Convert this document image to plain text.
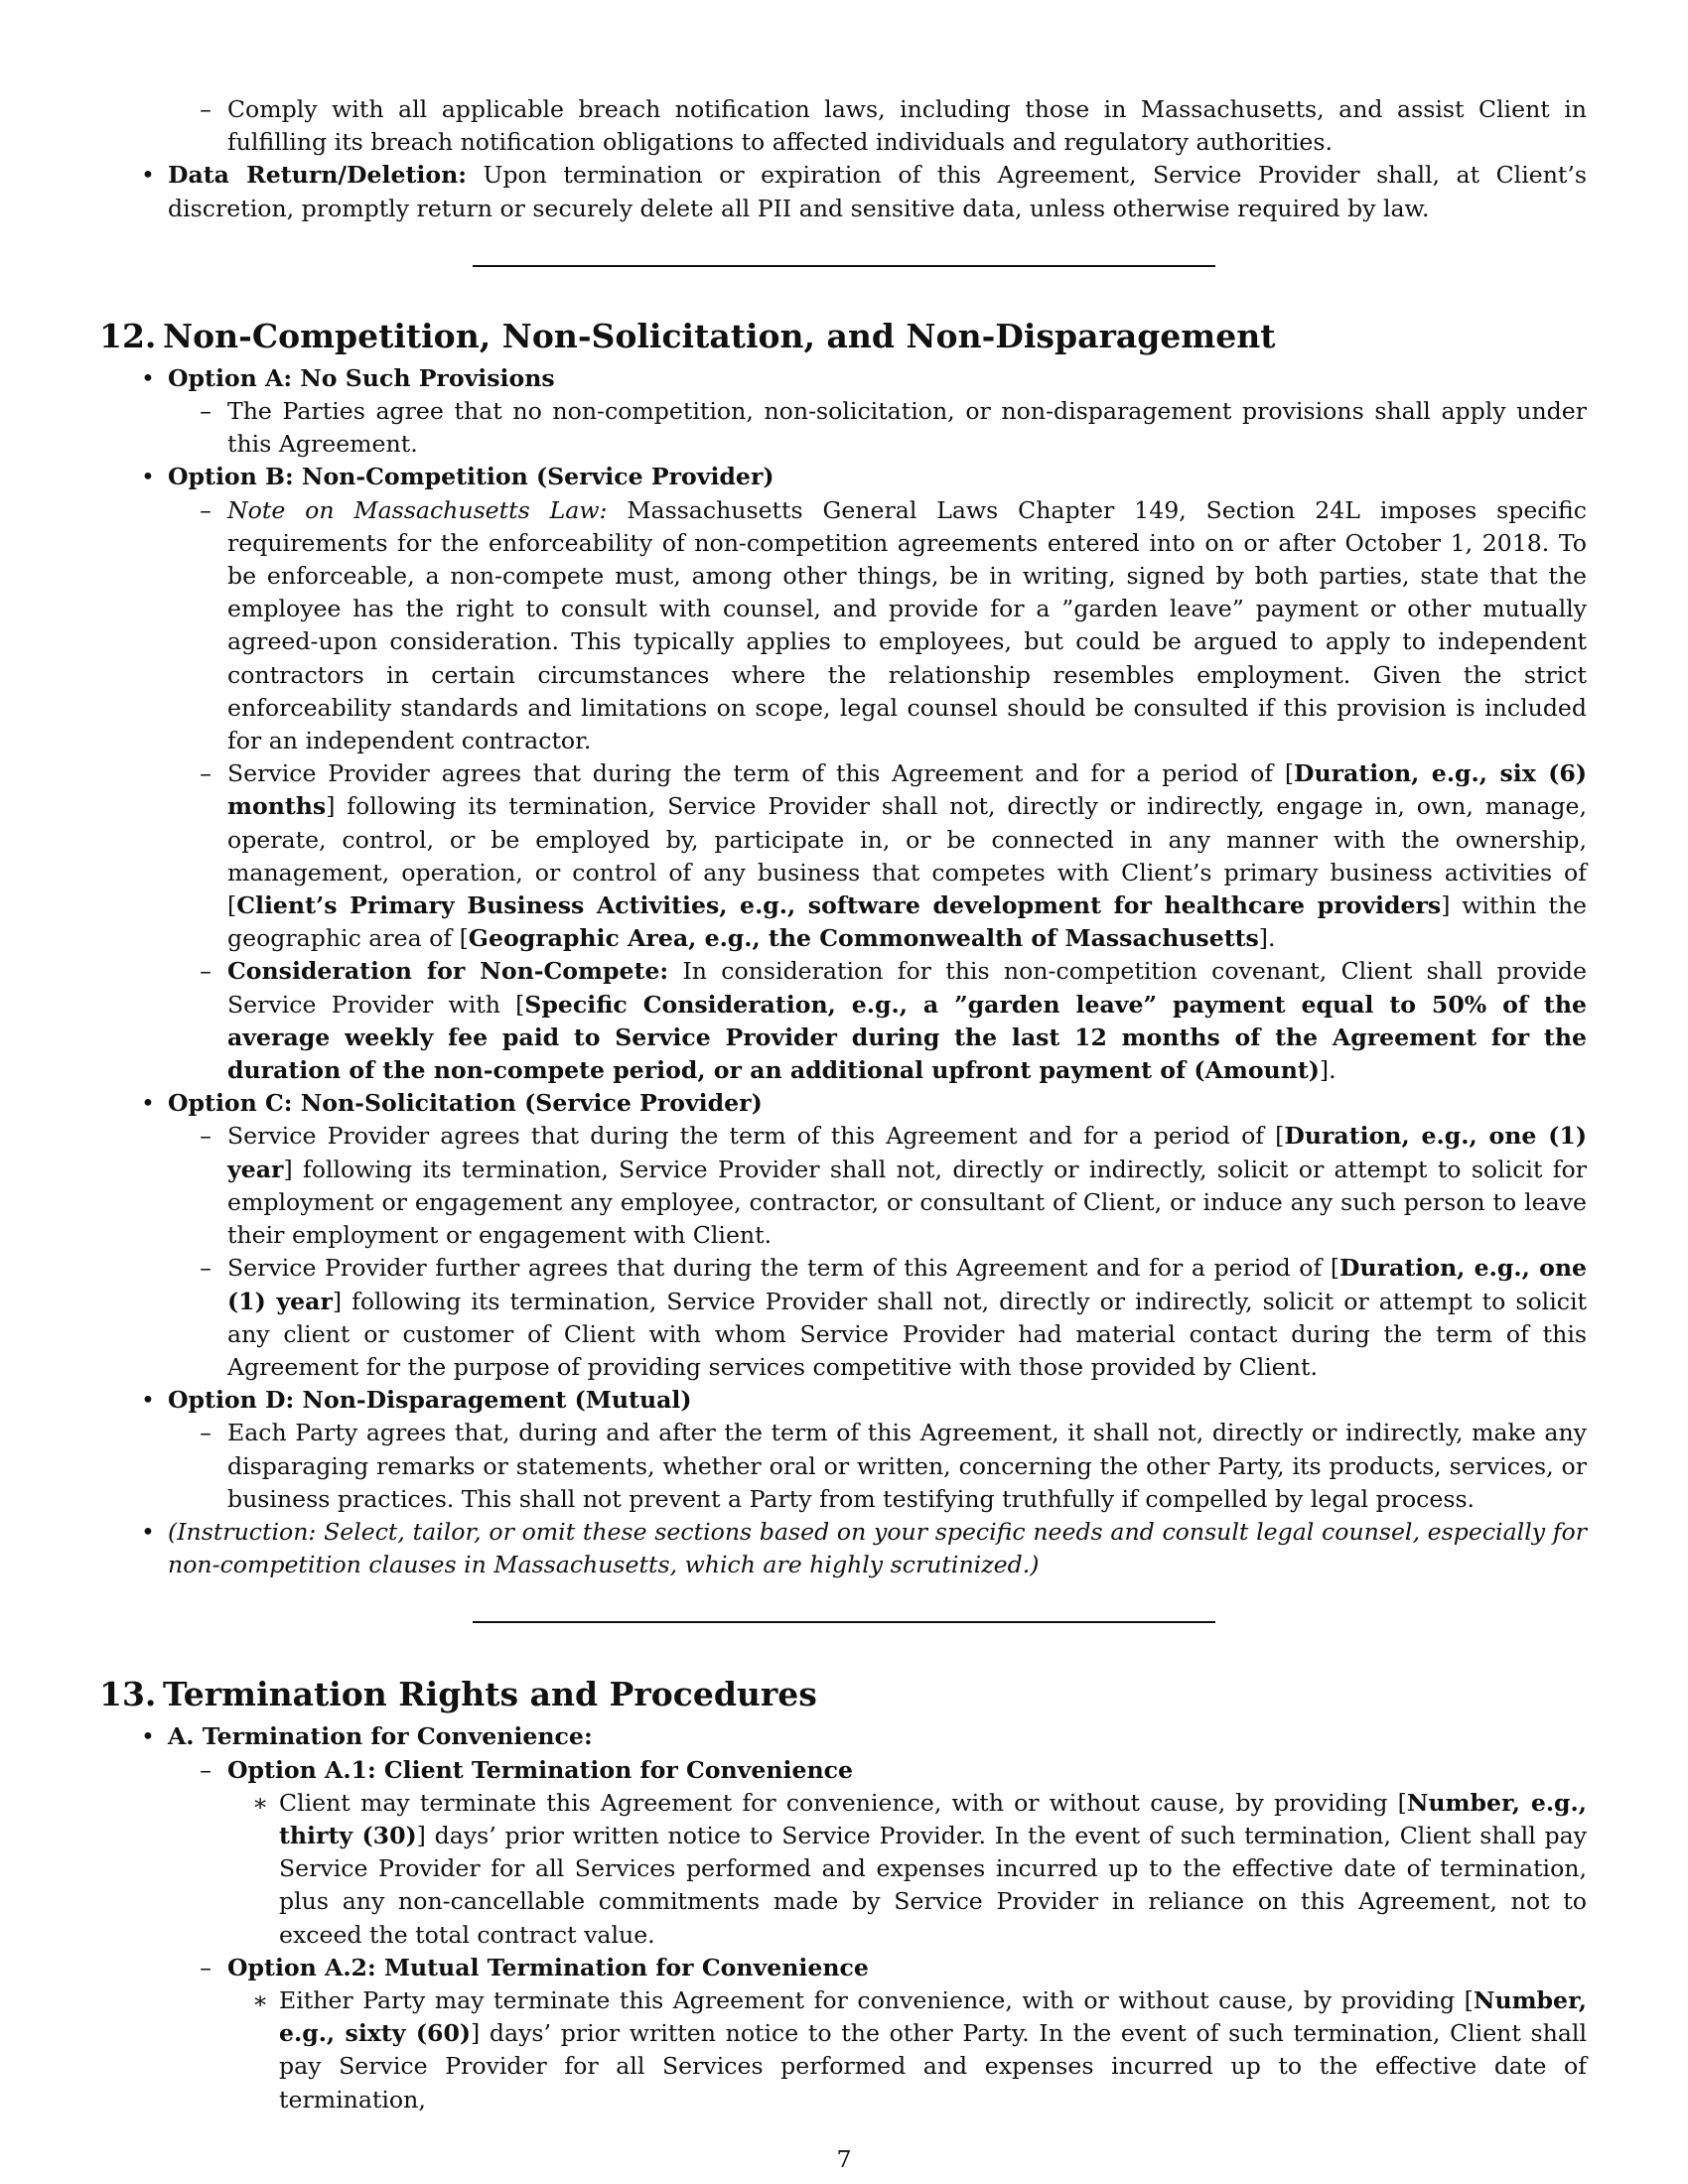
– Comply with all applicable breach notification laws, including those in Massachusetts, and assist Client in fulfilling its breach notification obligations to affected individuals and regulatory authorities.
• Data Return/Deletion: Upon termination or expiration of this Agreement, Service Provider shall, at Client’s discretion, promptly return or securely delete all PII and sensitive data, unless otherwise required by law.
12. Non-Competition, Non-Solicitation, and Non-Disparagement
• Option A: No Such Provisions
– The Parties agree that no non-competition, non-solicitation, or non-disparagement provisions shall apply under this Agreement.
• Option B: Non-Competition (Service Provider)
– Note on Massachusetts Law: Massachusetts General Laws Chapter 149, Section 24L imposes specific requirements for the enforceability of non-competition agreements entered into on or after October 1, 2018. To be enforceable, a non-compete must, among other things, be in writing, signed by both parties, state that the employee has the right to consult with counsel, and provide for a ”garden leave” payment or other mutually agreed-upon consideration. This typically applies to employees, but could be argued to apply to independent contractors in certain circumstances where the relationship resembles employment. Given the strict enforceability standards and limitations on scope, legal counsel should be consulted if this provision is included for an independent contractor.
– Service Provider agrees that during the term of this Agreement and for a period of [Duration, e.g., six (6) months] following its termination, Service Provider shall not, directly or indirectly, engage in, own, manage, operate, control, or be employed by, participate in, or be connected in any manner with the ownership, management, operation, or control of any business that competes with Client’s primary business activities of [Client’s Primary Business Activities, e.g., software development for healthcare providers] within the geographic area of [Geographic Area, e.g., the Commonwealth of Massachusetts].
– Consideration for Non-Compete: In consideration for this non-competition covenant, Client shall provide Service Provider with [Specific Consideration, e.g., a ”garden leave” payment equal to 50% of the average weekly fee paid to Service Provider during the last 12 months of the Agreement for the duration of the non-compete period, or an additional upfront payment of (Amount)].
• Option C: Non-Solicitation (Service Provider)
– Service Provider agrees that during the term of this Agreement and for a period of [Duration, e.g., one (1) year] following its termination, Service Provider shall not, directly or indirectly, solicit or attempt to solicit for employment or engagement any employee, contractor, or consultant of Client, or induce any such person to leave their employment or engagement with Client.
– Service Provider further agrees that during the term of this Agreement and for a period of [Duration, e.g., one (1) year] following its termination, Service Provider shall not, directly or indirectly, solicit or attempt to solicit any client or customer of Client with whom Service Provider had material contact during the term of this Agreement for the purpose of providing services competitive with those provided by Client.
• Option D: Non-Disparagement (Mutual)
– Each Party agrees that, during and after the term of this Agreement, it shall not, directly or indirectly, make any disparaging remarks or statements, whether oral or written, concerning the other Party, its products, services, or business practices. This shall not prevent a Party from testifying truthfully if compelled by legal process.
• (Instruction: Select, tailor, or omit these sections based on your specific needs and consult legal counsel, especially for non-competition clauses in Massachusetts, which are highly scrutinized.)
13. Termination Rights and Procedures
• A. Termination for Convenience:
– Option A.1: Client Termination for Convenience
∗ Client may terminate this Agreement for convenience, with or without cause, by providing [Number, e.g., thirty (30)] days’ prior written notice to Service Provider. In the event of such termination, Client shall pay Service Provider for all Services performed and expenses incurred up to the effective date of termination, plus any non-cancellable commitments made by Service Provider in reliance on this Agreement, not to exceed the total contract value.
– Option A.2: Mutual Termination for Convenience
∗ Either Party may terminate this Agreement for convenience, with or without cause, by providing [Number, e.g., sixty (60)] days’ prior written notice to the other Party. In the event of such termination, Client shall pay Service Provider for all Services performed and expenses incurred up to the effective date of termination,
7
